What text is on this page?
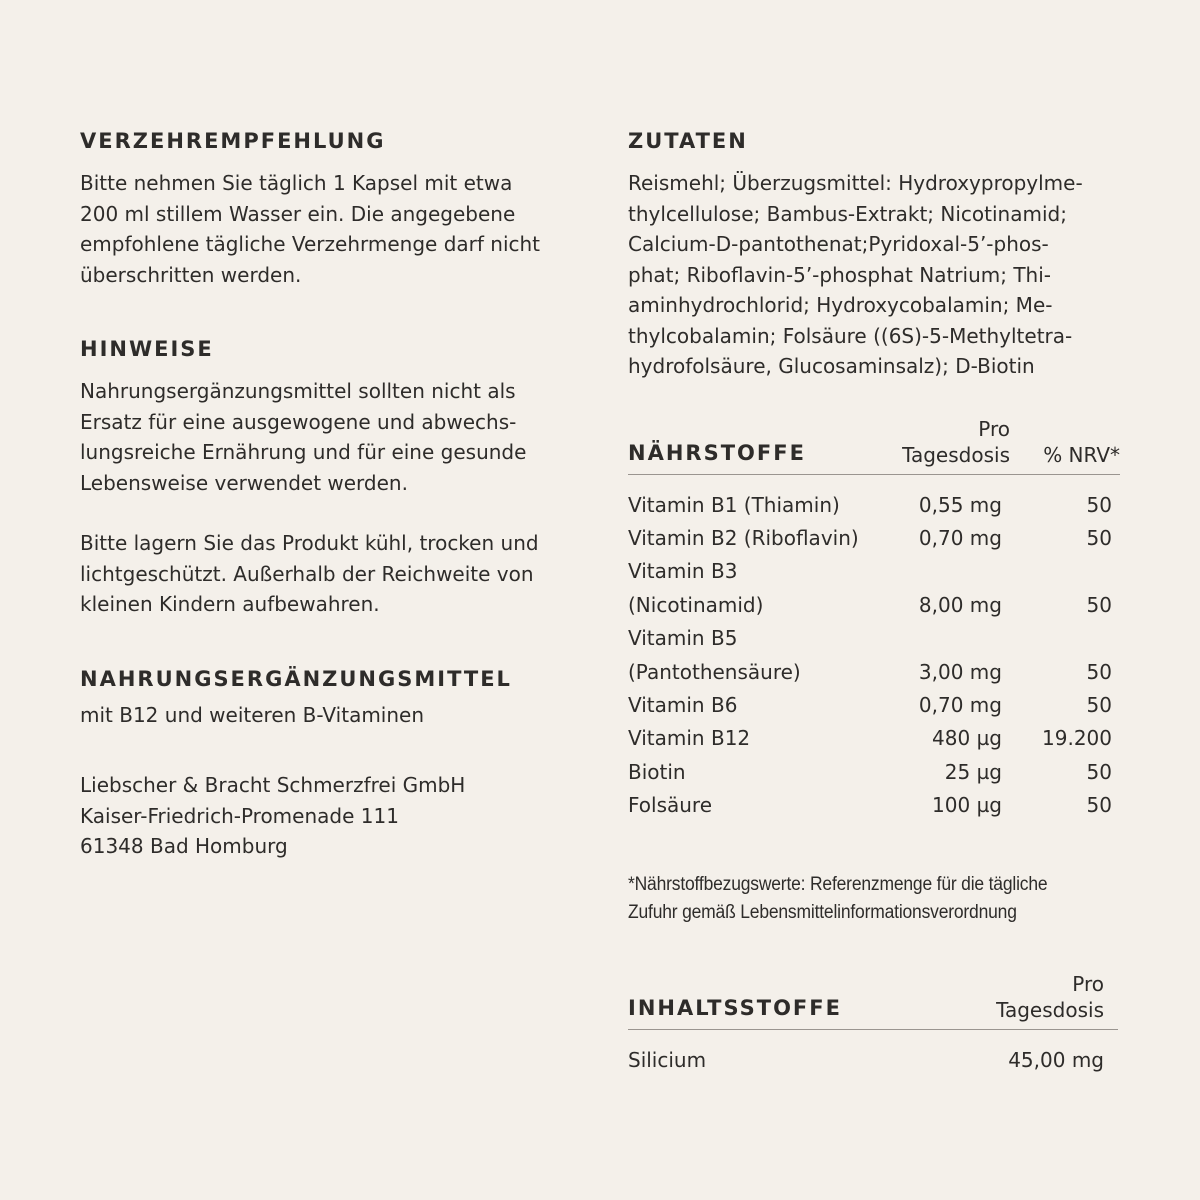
VERZEHREMPFEHLUNG

Bitte nehmen Sie täglich 1 Kapsel mit etwa
200 ml stillem Wasser ein. Die angegebene
empfohlene tägliche Verzehrmenge darf nicht
überschritten werden.

HINWEISE

Nahrungsergänzungsmittel sollten nicht als
Ersatz für eine ausgewogene und abwechs-
lungsreiche Ernährung und für eine gesunde
Lebensweise verwendet werden.

Bitte lagern Sie das Produkt kühl, trocken und
lichtgeschützt. Außerhalb der Reichweite von
kleinen Kindern aufbewahren.

NAHRUNGSERGÄNZUNGSMITTEL

mit B12 und weiteren B-Vitaminen

Liebscher & Bracht Schmerzfrei GmbH
Kaiser-Friedrich-Promenade 111
61348 Bad Homburg
ZUTATEN

Reismehl; Überzugsmittel: Hydroxypropylme-
thylcellulose; Bambus-Extrakt; Nicotinamid;
Calcium-D-pantothenat;Pyridoxal-5’-phos-
phat; Riboflavin-5’-phosphat Natrium; Thi-
aminhydrochlorid; Hydroxycobalamin; Me-
thylcobalamin; Folsäure ((6S)-5-Methyltetra-
hydrofolsäure, Glucosaminsalz); D-Biotin

NÄHRSTOFFE
Pro
Tagesdosis	% NRV*
Vitamin B1 (Thiamin)	0,55 mg	50
Vitamin B2 (Riboflavin)	0,70 mg	50
Vitamin B3
(Nicotinamid)	8,00 mg	50
Vitamin B5
(Pantothensäure)	3,00 mg	50
Vitamin B6	0,70 mg	50
Vitamin B12	480 µg	19.200
Biotin	25 µg	50
Folsäure	100 µg	50
*Nährstoffbezugswerte: Referenzmenge für die tägliche
Zufuhr gemäß Lebensmittelinformationsverordnung
INHALTSSTOFFE
Pro
Tagesdosis
Silicium	45,00 mg
